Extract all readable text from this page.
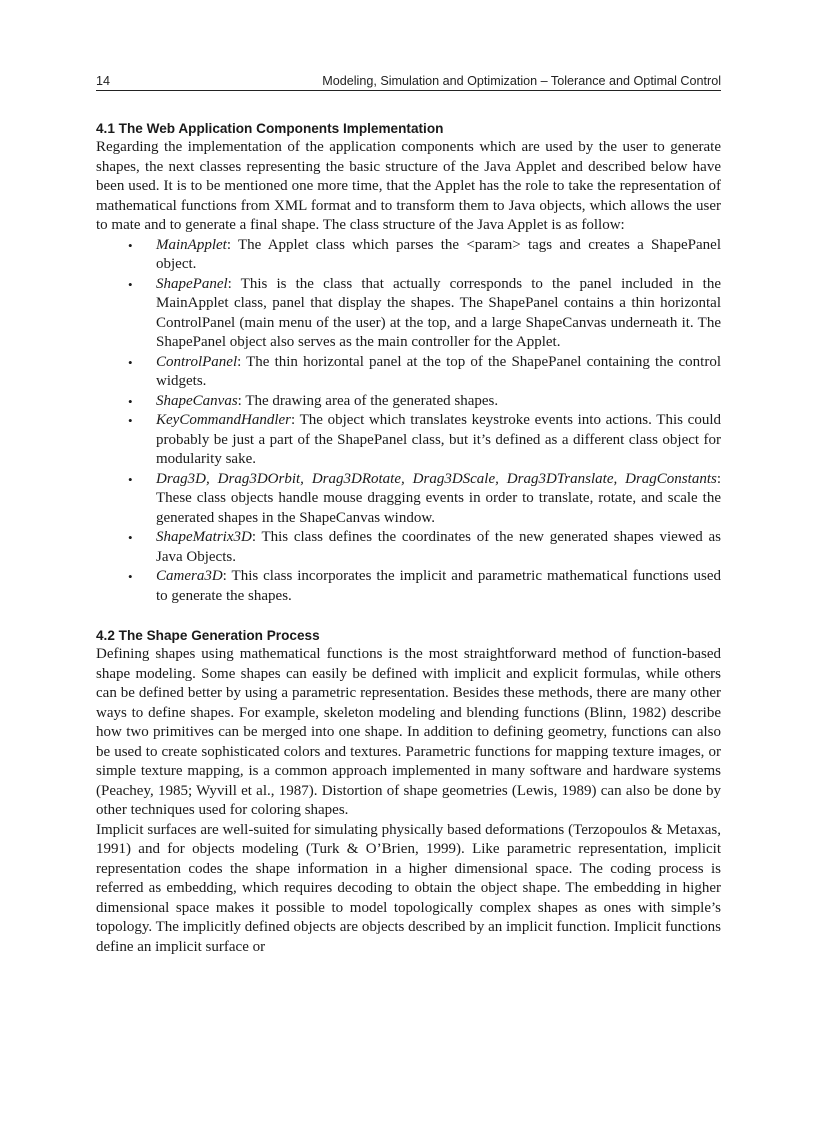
14	Modeling, Simulation and Optimization – Tolerance and Optimal Control
4.1 The Web Application Components Implementation

Regarding the implementation of the application components which are used by the user to generate shapes, the next classes representing the basic structure of the Java Applet and described below have been used. It is to be mentioned one more time, that the Applet has the role to take the representation of mathematical functions from XML format and to transform them to Java objects, which allows the user to mate and to generate a final shape. The class structure of the Java Applet is as follow:

• MainApplet: The Applet class which parses the <param> tags and creates a ShapePanel object.
• ShapePanel: This is the class that actually corresponds to the panel included in the MainApplet class, panel that display the shapes. The ShapePanel contains a thin horizontal ControlPanel (main menu of the user) at the top, and a large ShapeCanvas underneath it. The ShapePanel object also serves as the main controller for the Applet.
• ControlPanel: The thin horizontal panel at the top of the ShapePanel containing the control widgets.
• ShapeCanvas: The drawing area of the generated shapes.
• KeyCommandHandler: The object which translates keystroke events into actions. This could probably be just a part of the ShapePanel class, but it’s defined as a different class object for modularity sake.
• Drag3D, Drag3DOrbit, Drag3DRotate, Drag3DScale, Drag3DTranslate, DragConstants: These class objects handle mouse dragging events in order to translate, rotate, and scale the generated shapes in the ShapeCanvas window.
• ShapeMatrix3D: This class defines the coordinates of the new generated shapes viewed as Java Objects.
• Camera3D: This class incorporates the implicit and parametric mathematical functions used to generate the shapes.
4.2 The Shape Generation Process

Defining shapes using mathematical functions is the most straightforward method of function-based shape modeling. Some shapes can easily be defined with implicit and explicit formulas, while others can be defined better by using a parametric representation. Besides these methods, there are many other ways to define shapes. For example, skeleton modeling and blending functions (Blinn, 1982) describe how two primitives can be merged into one shape. In addition to defining geometry, functions can also be used to create sophisticated colors and textures. Parametric functions for mapping texture images, or simple texture mapping, is a common approach implemented in many software and hardware systems (Peachey, 1985; Wyvill et al., 1987). Distortion of shape geometries (Lewis, 1989) can also be done by other techniques used for coloring shapes.

Implicit surfaces are well-suited for simulating physically based deformations (Terzopoulos & Metaxas, 1991) and for objects modeling (Turk & O’Brien, 1999). Like parametric representation, implicit representation codes the shape information in a higher dimensional space. The coding process is referred as embedding, which requires decoding to obtain the object shape. The embedding in higher dimensional space makes it possible to model topologically complex shapes as ones with simple’s topology. The implicitly defined objects are objects described by an implicit function. Implicit functions define an implicit surface or
